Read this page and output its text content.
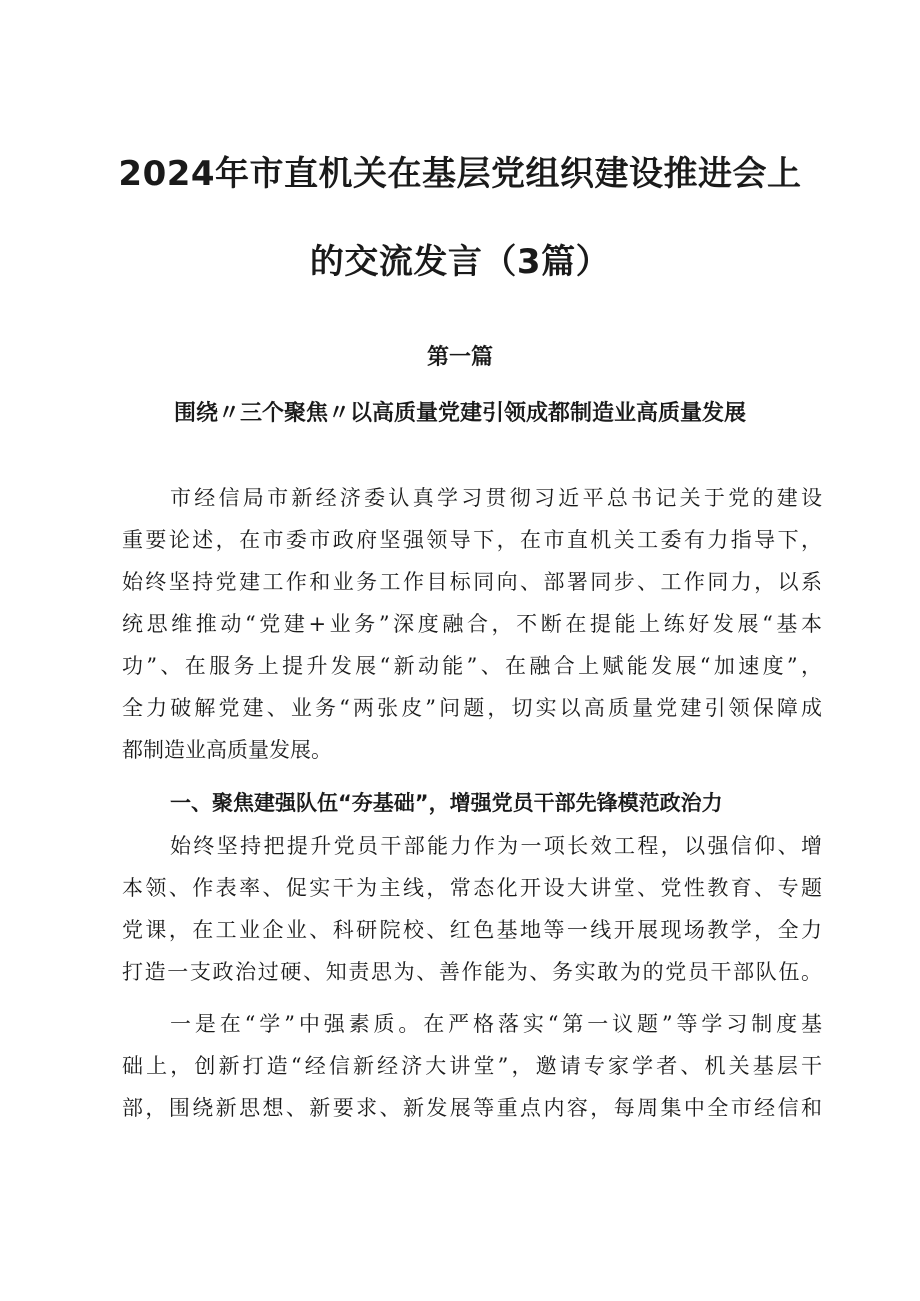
2024年市直机关在基层党组织建设推进会上
的交流发言（3篇）
第一篇
围绕〃三个聚焦〃以高质量党建引领成都制造业高质量发展

市经信局市新经济委认真学习贯彻习近平总书记关于党的建设

重要论述，在市委市政府坚强领导下，在市直机关工委有力指导下，

始终坚持党建工作和业务工作目标同向、部署同步、工作同力，以系

统思维推动“党建+业务”深度融合，不断在提能上练好发展“基本

功”、在服务上提升发展“新动能”、在融合上赋能发展“加速度”，

全力破解党建、业务“两张皮”问题，切实以高质量党建引领保障成

都制造业高质量发展。

一、聚焦建强队伍“夯基础”，增强党员干部先锋模范政治力

始终坚持把提升党员干部能力作为一项长效工程，以强信仰、增

本领、作表率、促实干为主线，常态化开设大讲堂、党性教育、专题

党课，在工业企业、科研院校、红色基地等一线开展现场教学，全力

打造一支政治过硬、知责思为、善作能为、务实敢为的党员干部队伍。

一是在“学”中强素质。在严格落实“第一议题”等学习制度基

础上，创新打造“经信新经济大讲堂”，邀请专家学者、机关基层干

部，围绕新思想、新要求、新发展等重点内容，每周集中全市经信和
